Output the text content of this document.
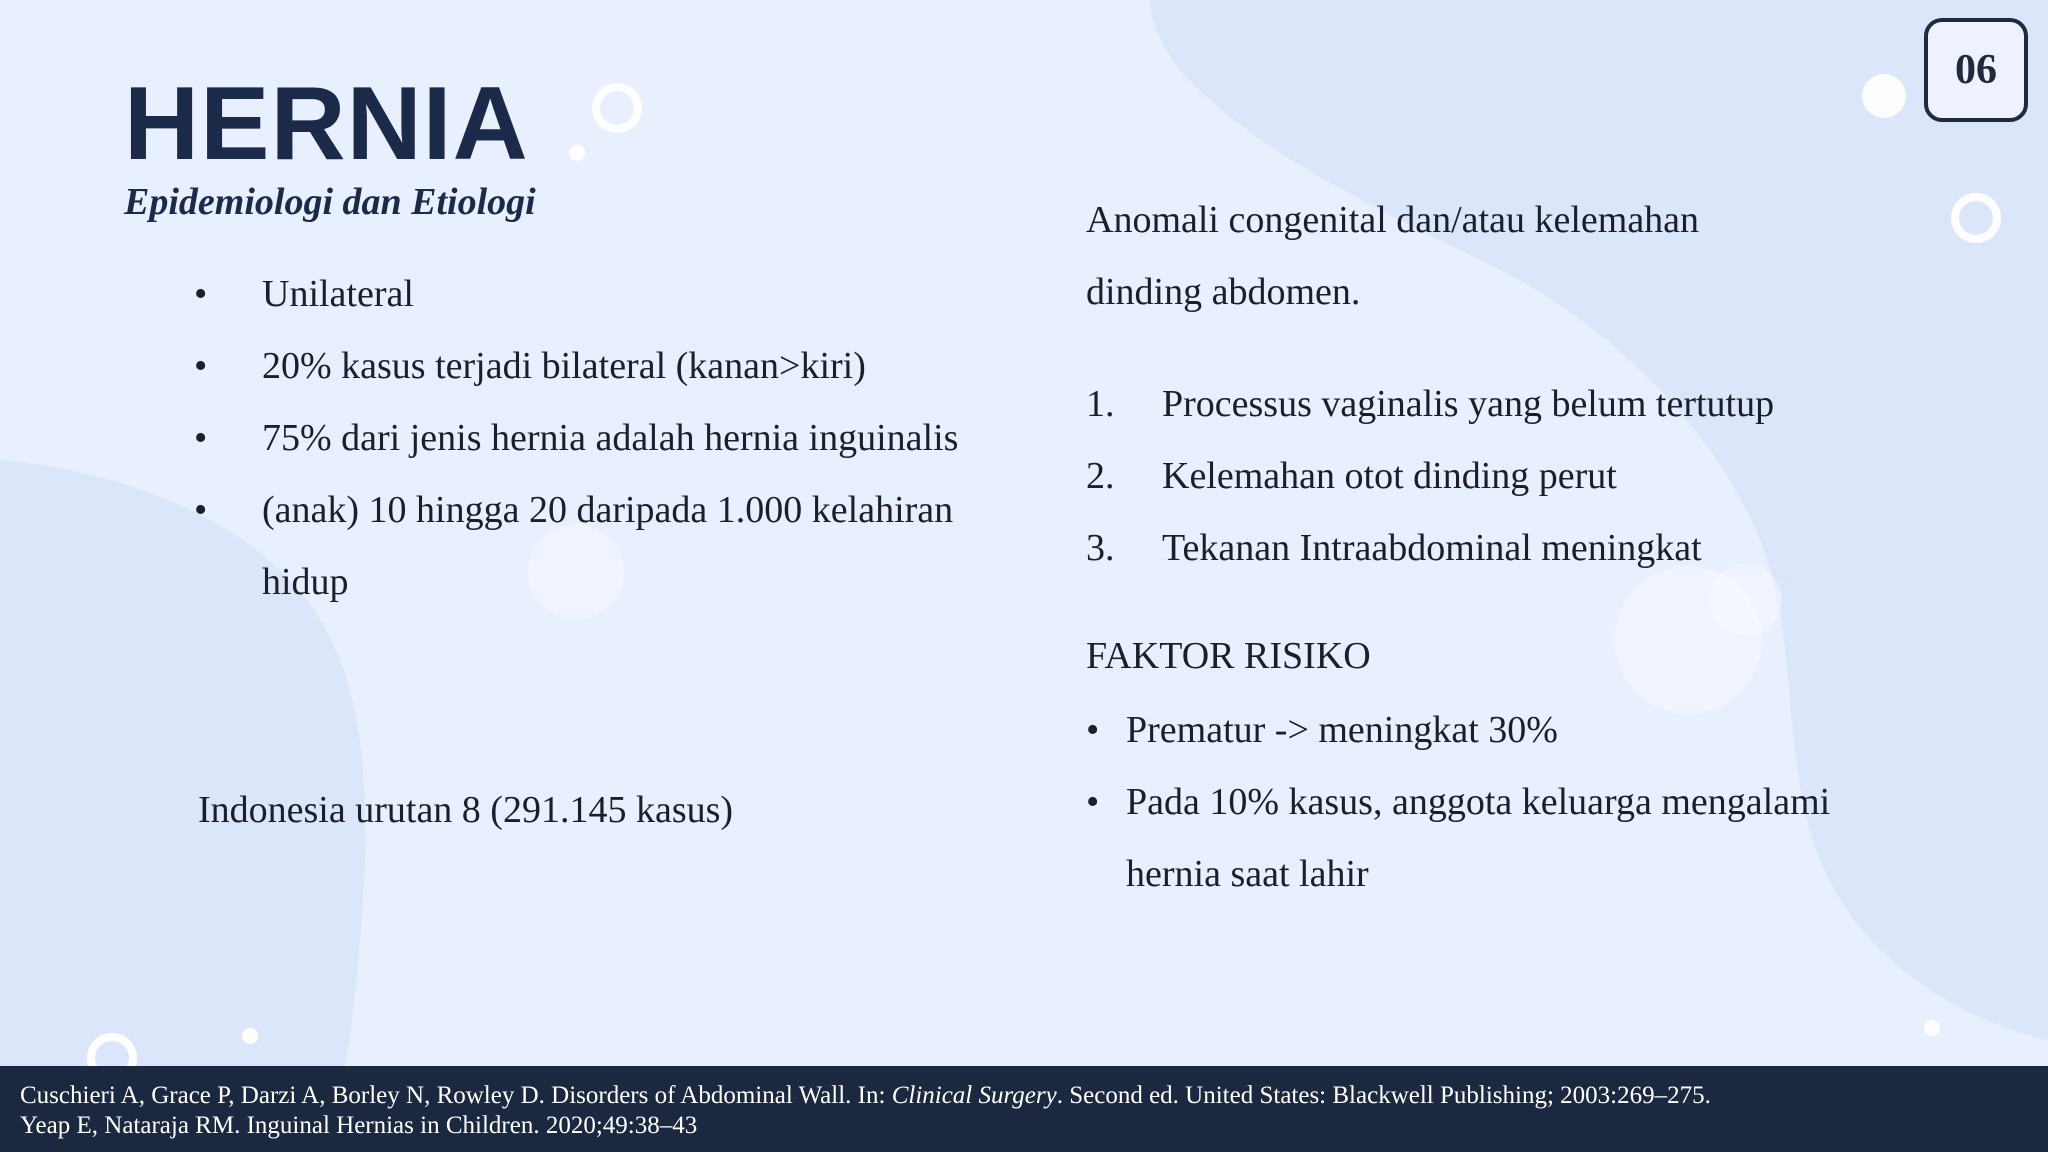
06
HERNIA
Epidemiologi dan Etiologi
• Unilateral
• 20% kasus terjadi bilateral (kanan>kiri)
• 75% dari jenis hernia adalah hernia inguinalis
• (anak) 10 hingga 20 daripada 1.000 kelahiran hidup
Indonesia urutan 8 (291.145 kasus)
Anomali congenital dan/atau kelemahan dinding abdomen.
1. Processus vaginalis yang belum tertutup
2. Kelemahan otot dinding perut
3. Tekanan Intraabdominal meningkat
FAKTOR RISIKO
• Prematur -> meningkat 30%
• Pada 10% kasus, anggota keluarga mengalami hernia saat lahir
Cuschieri A, Grace P, Darzi A, Borley N, Rowley D. Disorders of Abdominal Wall. In: Clinical Surgery. Second ed. United States: Blackwell Publishing; 2003:269–275.
Yeap E, Nataraja RM. Inguinal Hernias in Children. 2020;49:38–43
